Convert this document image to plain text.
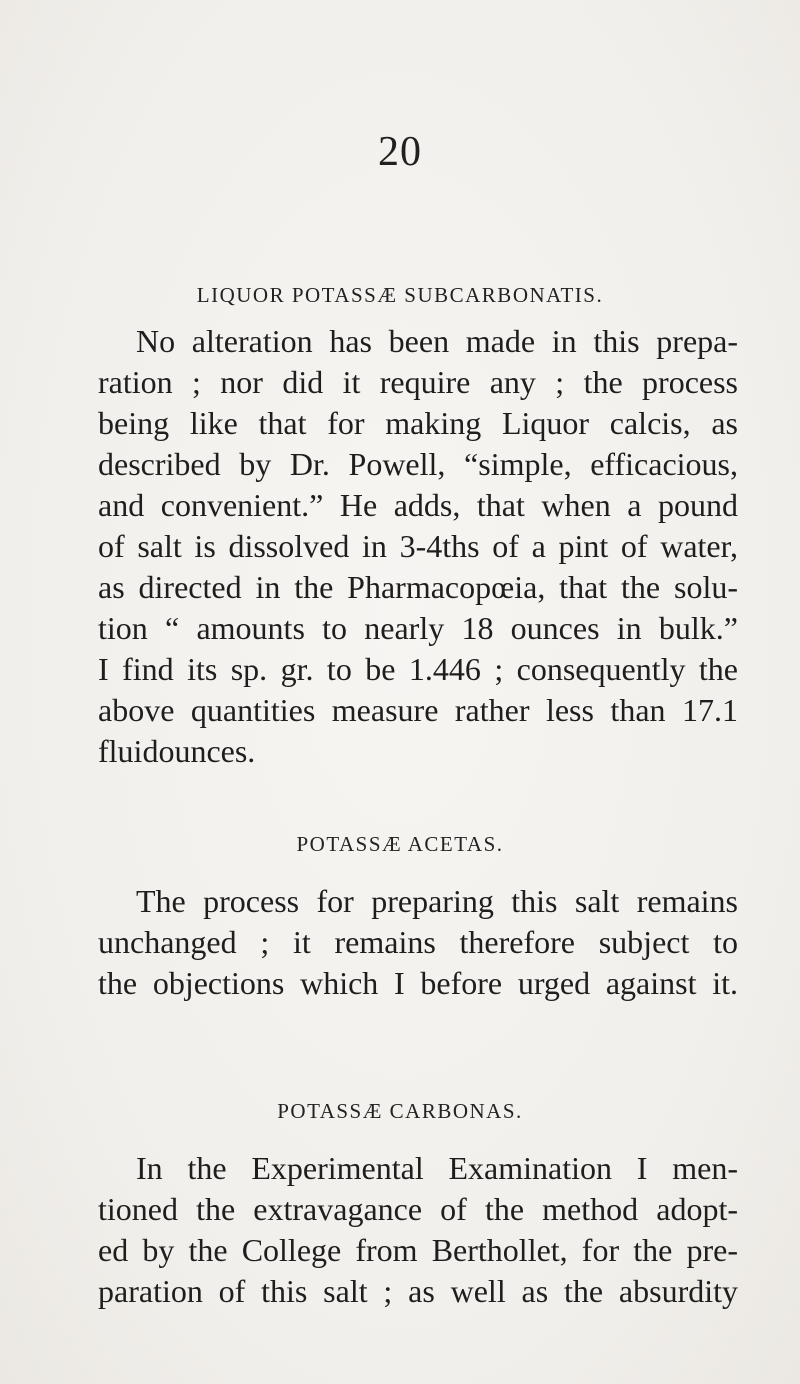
20
LIQUOR POTASSÆ SUBCARBONATIS.
No alteration has been made in this prepa-
ration ; nor did it require any ; the process
being like that for making Liquor calcis, as
described by Dr. Powell, “simple, efficacious,
and convenient.” He adds, that when a pound
of salt is dissolved in 3-4ths of a pint of water,
as directed in the Pharmacopœia, that the solu-
tion “ amounts to nearly 18 ounces in bulk.”
I find its sp. gr. to be 1.446 ; consequently the
above quantities measure rather less than 17.1
fluidounces.
POTASSÆ ACETAS.
The process for preparing this salt remains
unchanged ; it remains therefore subject to
the objections which I before urged against it.
POTASSÆ CARBONAS.
In the Experimental Examination I men-
tioned the extravagance of the method adopt-
ed by the College from Berthollet, for the pre-
paration of this salt ; as well as the absurdity
